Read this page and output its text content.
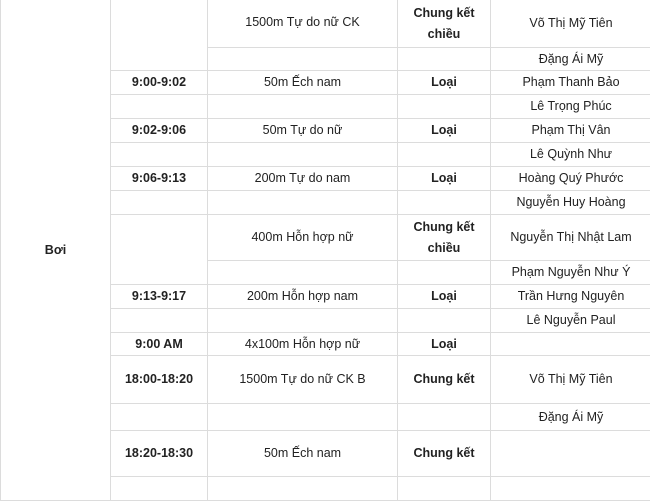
Bơi		1500m Tự do nữ CK	Chung kết chiều	Võ Thị Mỹ Tiên
				Đặng Ái Mỹ
	9:00-9:02	50m Ếch nam	Loại	Phạm Thanh Bảo
				Lê Trọng Phúc
	9:02-9:06	50m Tự do nữ	Loại	Phạm Thị Vân
				Lê Quỳnh Như
	9:06-9:13	200m Tự do nam	Loại	Hoàng Quý Phước
				Nguyễn Huy Hoàng
		400m Hỗn hợp nữ	Chung kết chiều	Nguyễn Thị Nhật Lam
				Phạm Nguyễn Như Ý
	9:13-9:17	200m Hỗn hợp nam	Loại	Trần Hưng Nguyên
				Lê Nguyễn Paul
	9:00 AM	4x100m Hỗn hợp nữ	Loại	
	18:00-18:20	1500m Tự do nữ CK B	Chung kết	Võ Thị Mỹ Tiên
				Đặng Ái Mỹ
	18:20-18:30	50m Ếch nam	Chung kết	
